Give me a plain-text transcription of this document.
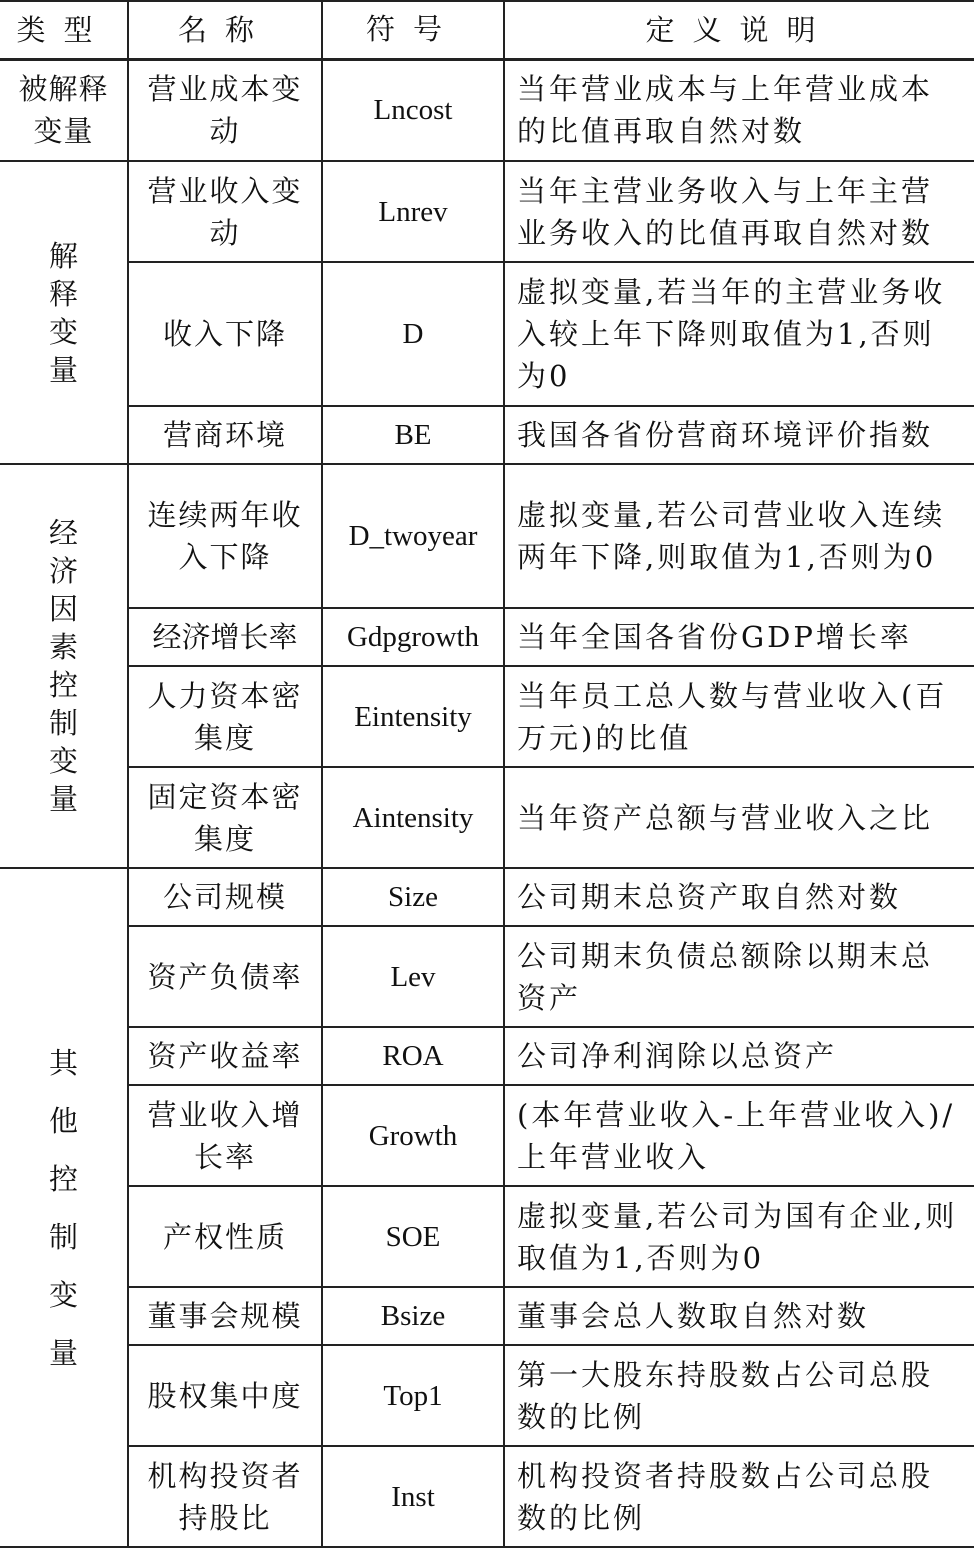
类型	名称	符号	定义说明
被解释变量	营业成本变动	Lncost	当年营业成本与上年营业成本的比值再取自然对数
解释变量	营业收入变动	Lnrev	当年主营业务收入与上年主营业务收入的比值再取自然对数
	收入下降	D	虚拟变量,若当年的主营业务收入较上年下降则取值为1,否则为0
	营商环境	BE	我国各省份营商环境评价指数
经济因素控制变量	连续两年收入下降	D_twoyear	虚拟变量,若公司营业收入连续两年下降,则取值为1,否则为0
	经济增长率	Gdpgrowth	当年全国各省份GDP增长率
	人力资本密集度	Eintensity	当年员工总人数与营业收入(百万元)的比值
	固定资本密集度	Aintensity	当年资产总额与营业收入之比
其他控制变量	公司规模	Size	公司期末总资产取自然对数
	资产负债率	Lev	公司期末负债总额除以期末总资产
	资产收益率	ROA	公司净利润除以总资产
	营业收入增长率	Growth	(本年营业收入-上年营业收入)/上年营业收入
	产权性质	SOE	虚拟变量,若公司为国有企业,则取值为1,否则为0
	董事会规模	Bsize	董事会总人数取自然对数
	股权集中度	Top1	第一大股东持股数占公司总股数的比例
	机构投资者持股比	Inst	机构投资者持股数占公司总股数的比例
